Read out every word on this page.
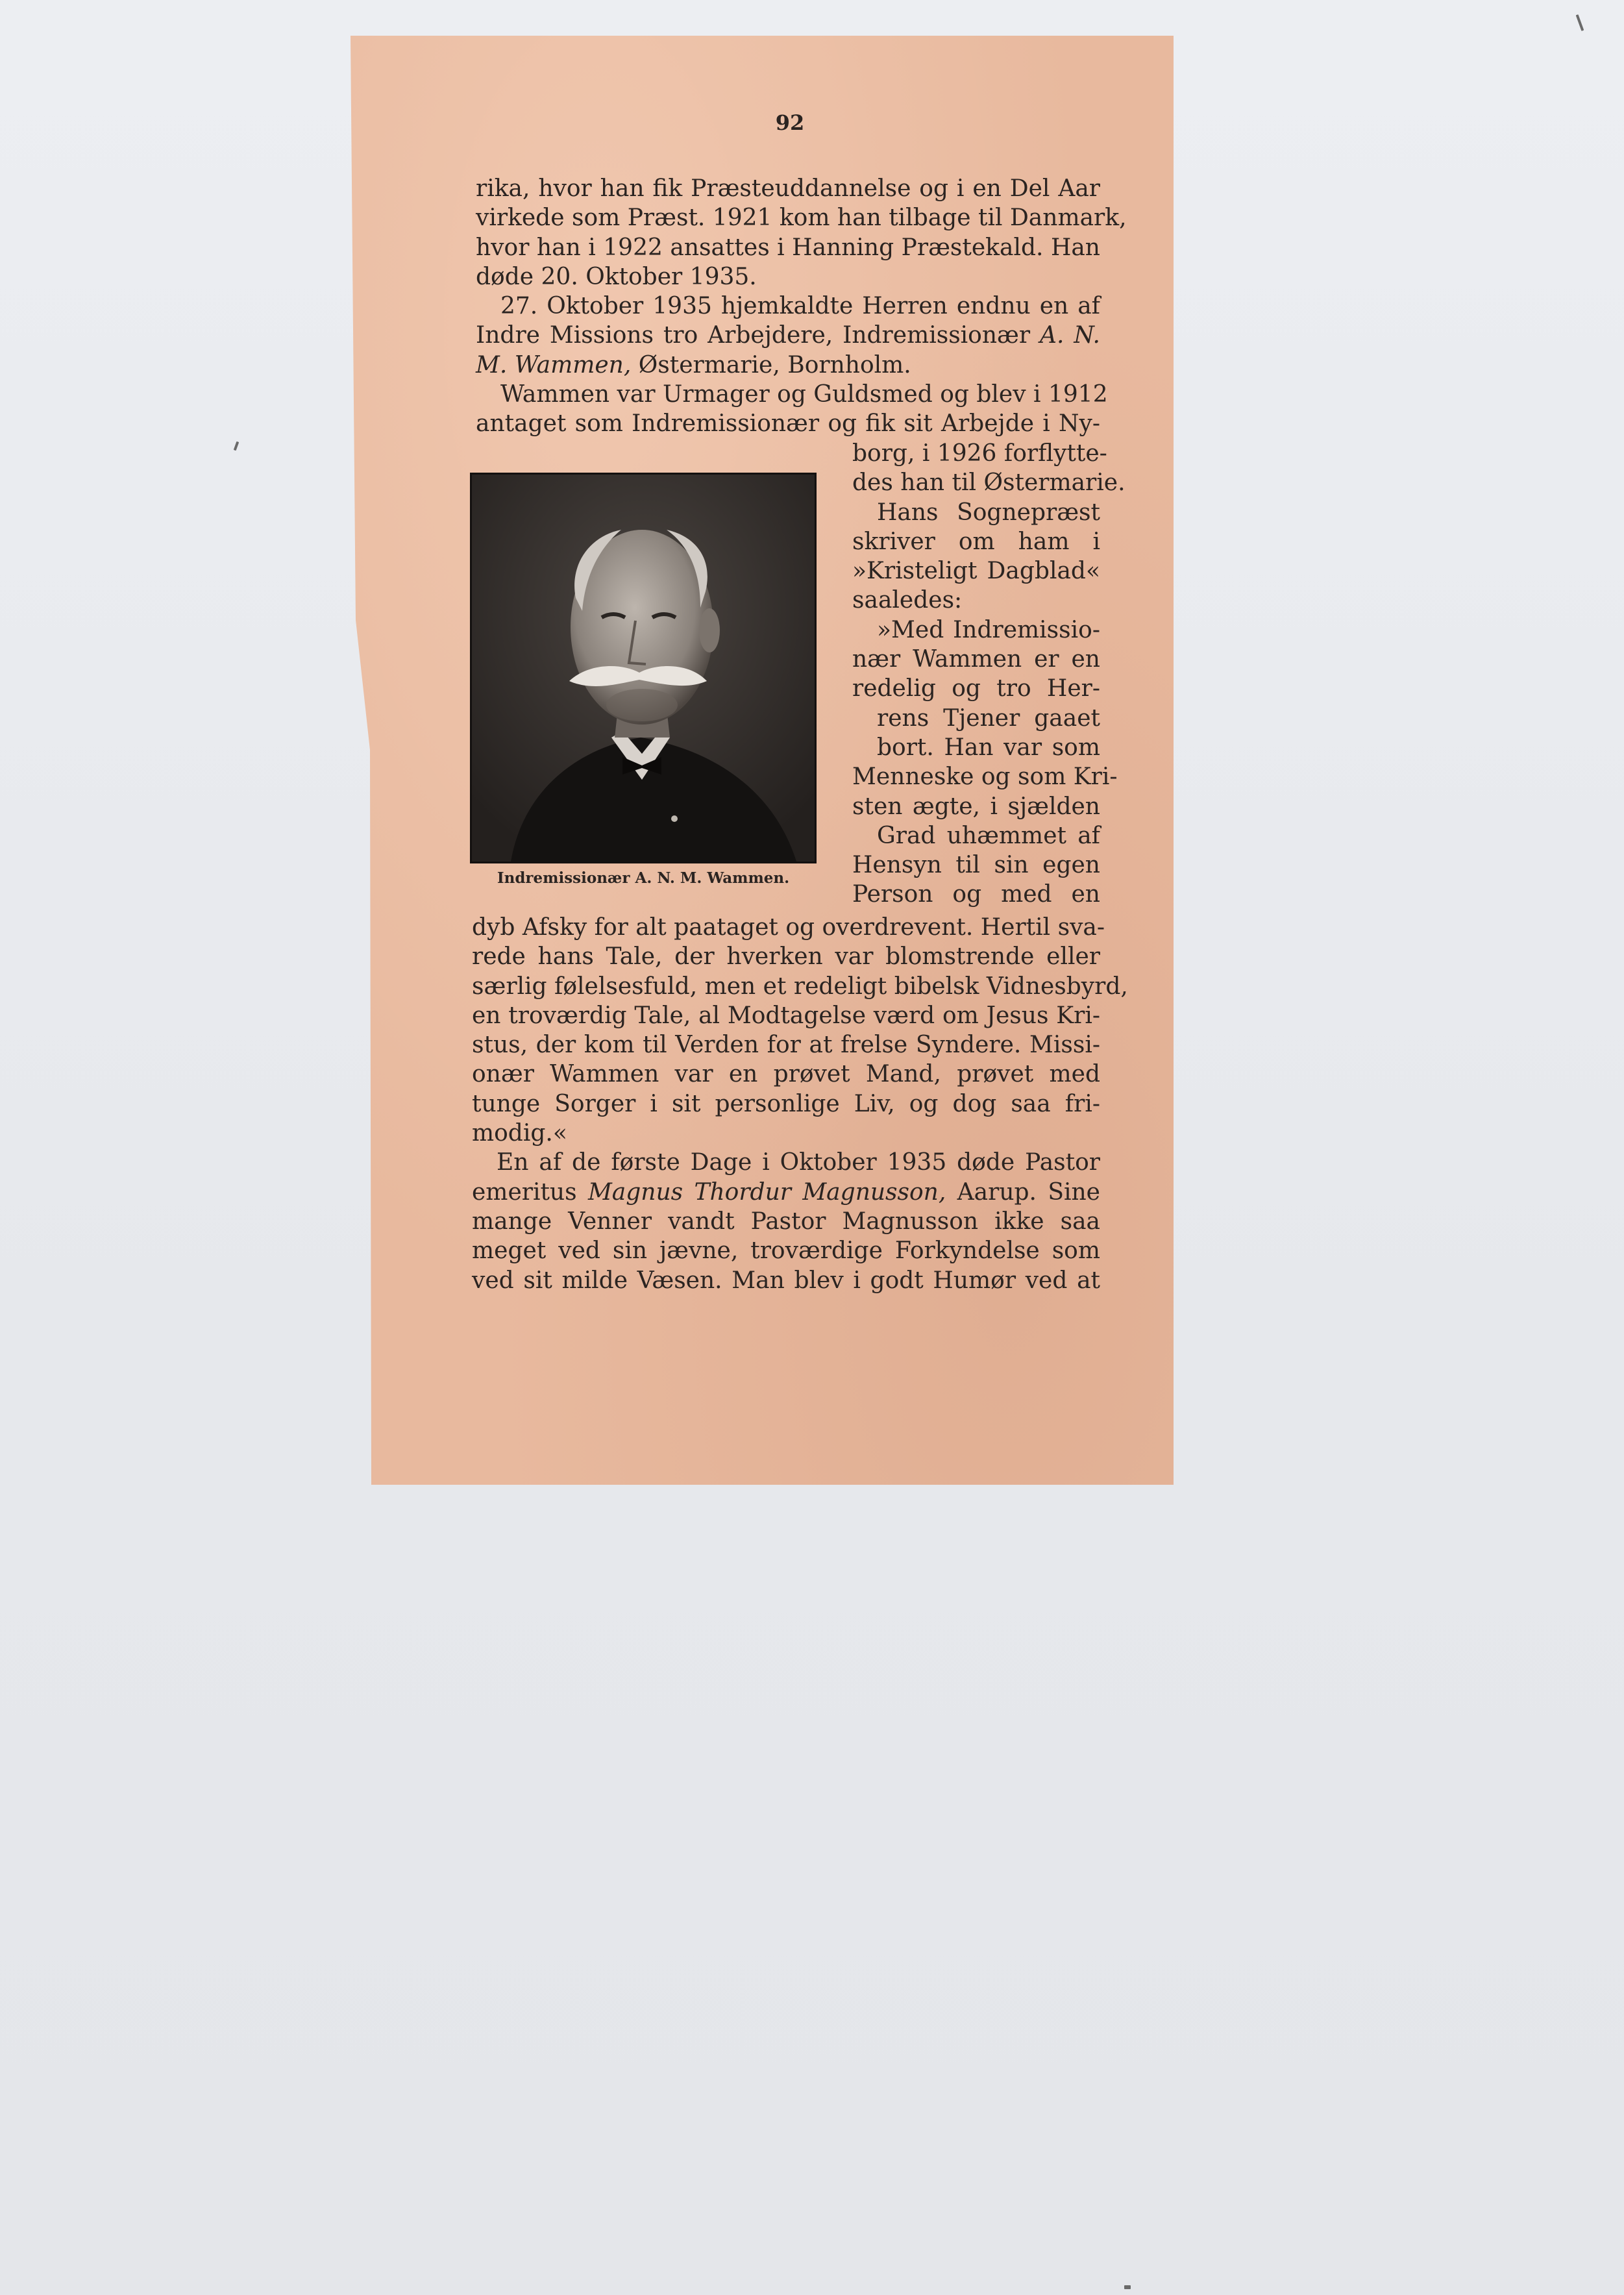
92
rika, hvor han fik Præsteuddannelse og i en Del Aar
virkede som Præst. 1921 kom han tilbage til Danmark,
hvor han i 1922 ansattes i Hanning Præstekald. Han
døde 20. Oktober 1935.
27. Oktober 1935 hjemkaldte Herren endnu en af
Indre Missions tro Arbejdere, Indremissionær A. N.
M. Wammen, Østermarie, Bornholm.
Wammen var Urmager og Guldsmed og blev i 1912
antaget som Indremissionær og fik sit Arbejde i Ny-
Indremissionær A. N. M. Wammen.
borg, i 1926 forflytte-
des han til Østermarie.
Hans Sognepræst
skriver om ham i
»Kristeligt Dagblad«
saaledes:
»Med Indremissio-
nær Wammen er en
redelig og tro Her-
rens Tjener gaaet
bort. Han var som
Menneske og som Kri-
sten ægte, i sjælden
Grad uhæmmet af
Hensyn til sin egen
Person og med en
dyb Afsky for alt paataget og overdrevent. Hertil sva-
rede hans Tale, der hverken var blomstrende eller
særlig følelsesfuld, men et redeligt bibelsk Vidnesbyrd,
en troværdig Tale, al Modtagelse værd om Jesus Kri-
stus, der kom til Verden for at frelse Syndere. Missi-
onær Wammen var en prøvet Mand, prøvet med
tunge Sorger i sit personlige Liv, og dog saa fri-
modig.«
En af de første Dage i Oktober 1935 døde Pastor
emeritus Magnus Thordur Magnusson, Aarup. Sine
mange Venner vandt Pastor Magnusson ikke saa
meget ved sin jævne, troværdige Forkyndelse som
ved sit milde Væsen. Man blev i godt Humør ved at
